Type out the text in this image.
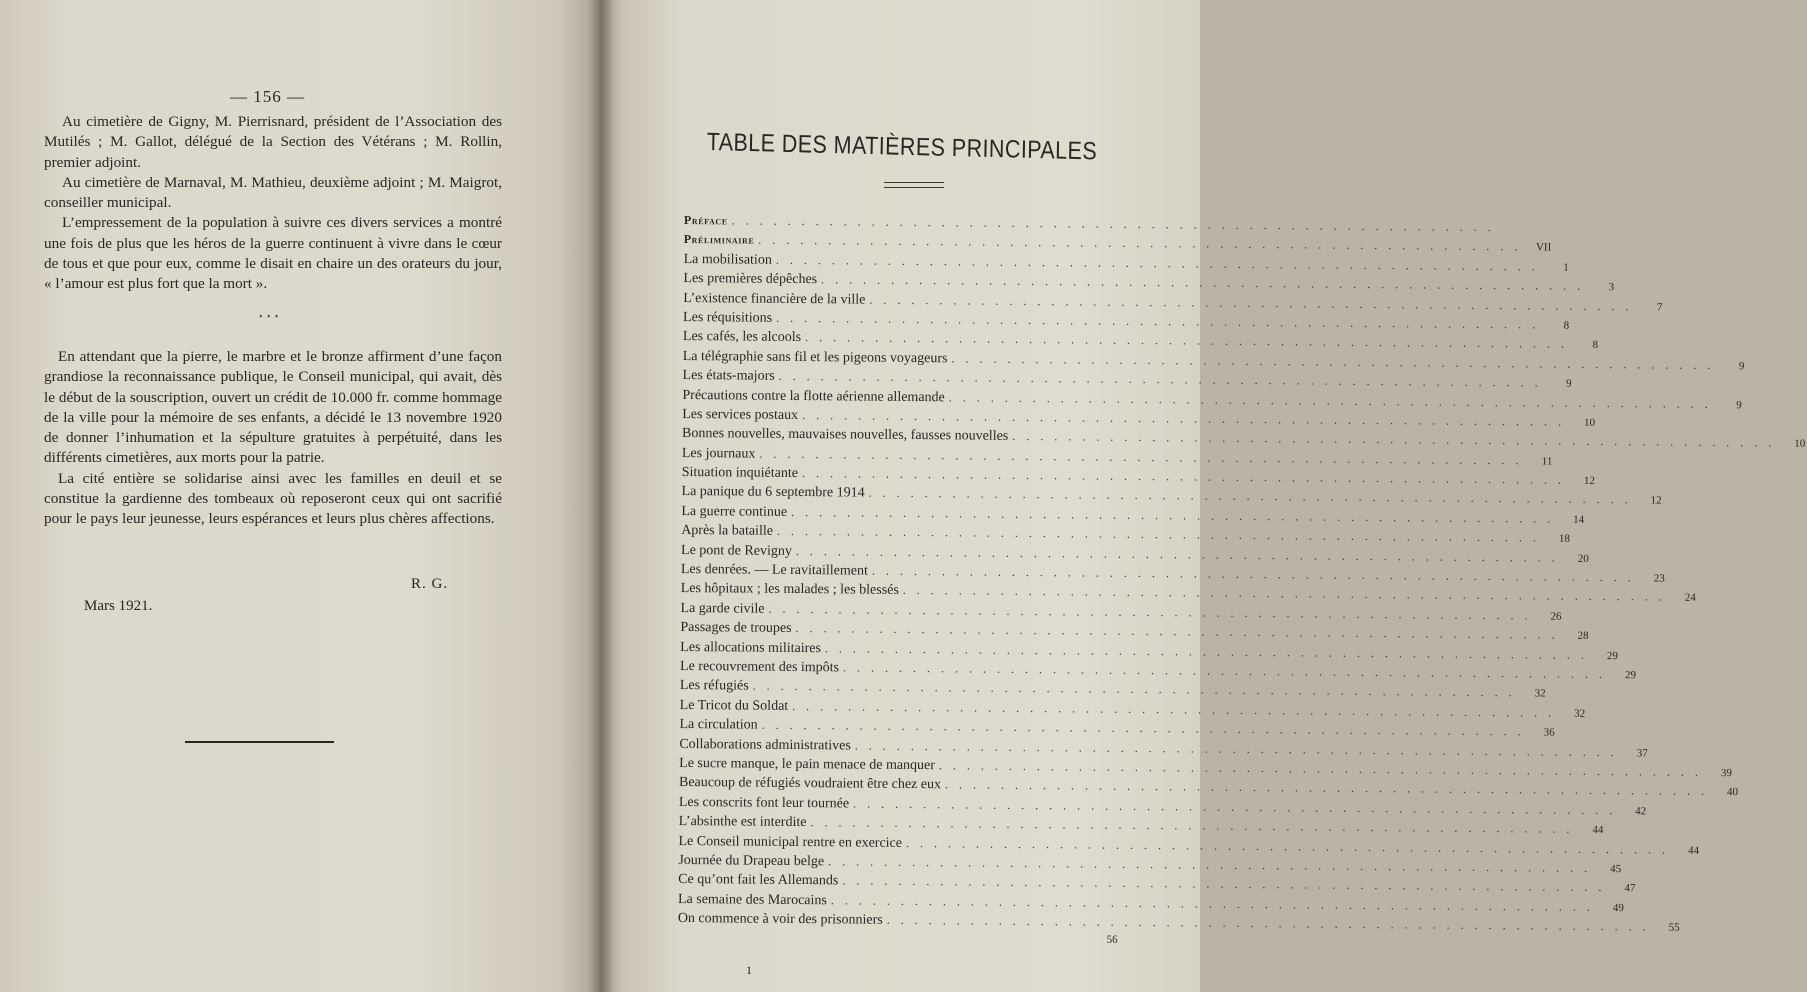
— 156 —

Au cimetière de Gigny, M. Pierrisnard, président de l’Association des Mutilés ; M. Gallot, délégué de la Section des Vétérans ; M. Rollin, premier adjoint.

Au cimetière de Marnaval, M. Mathieu, deuxième adjoint ; M. Maigrot, conseiller municipal.

L’empressement de la population à suivre ces divers services a montré une fois de plus que les héros de la guerre continuent à vivre dans le cœur de tous et que pour eux, comme le disait en chaire un des orateurs du jour, « l’amour est plus fort que la mort ».

⋆ ⋆ ⋆

En attendant que la pierre, le marbre et le bronze affirment d’une façon grandiose la reconnaissance publique, le Conseil municipal, qui avait, dès le début de la souscription, ouvert un crédit de 10.000 fr. comme hommage de la ville pour la mémoire de ses enfants, a décidé le 13 novembre 1920 de donner l’inhumation et la sépulture gratuites à perpétuité, dans les différents cimetières, aux morts pour la patrie.

La cité entière se solidarise ainsi avec les familles en deuil et se constitue la gardienne des tombeaux où reposeront ceux qui ont sacrifié pour le pays leur jeunesse, leurs espérances et leurs plus chères affections.

R. G.
Mars 1921.
TABLE DES MATIÈRES PRINCIPALES
Préface . . . . . . . . . . . . . . . . . . . . . . . . . . . . . . . . . . . . . . . . . . . . . . . . . . . . . . .
Préliminaire . . . . . . . . . . . . . . . . . . . . . . . . . . . . . . . . . . . . . . . . . . . . . . . . . . . . . . .	VII
La mobilisation . . . . . . . . . . . . . . . . . . . . . . . . . . . . . . . . . . . . . . . . . . . . . . . . . . . . . . .	1
Les premières dépêches . . . . . . . . . . . . . . . . . . . . . . . . . . . . . . . . . . . . . . . . . . . . . . . . . . . . . . .	3
L’existence financière de la ville . . . . . . . . . . . . . . . . . . . . . . . . . . . . . . . . . . . . . . . . . . . . . . . . . . . . . . .	7
Les réquisitions . . . . . . . . . . . . . . . . . . . . . . . . . . . . . . . . . . . . . . . . . . . . . . . . . . . . . . .	8
Les cafés, les alcools . . . . . . . . . . . . . . . . . . . . . . . . . . . . . . . . . . . . . . . . . . . . . . . . . . . . . . .	8
La télégraphie sans fil et les pigeons voyageurs . . . . . . . . . . . . . . . . . . . . . . . . . . . . . . . . . . . . . . . . . . . . . . . . . . . . . . .	9
Les états-majors . . . . . . . . . . . . . . . . . . . . . . . . . . . . . . . . . . . . . . . . . . . . . . . . . . . . . . .	9
Précautions contre la flotte aérienne allemande . . . . . . . . . . . . . . . . . . . . . . . . . . . . . . . . . . . . . . . . . . . . . . . . . . . . . . .	9
Les services postaux . . . . . . . . . . . . . . . . . . . . . . . . . . . . . . . . . . . . . . . . . . . . . . . . . . . . . . .	10
Bonnes nouvelles, mauvaises nouvelles, fausses nouvelles . . . . . . . . . . . . . . . . . . . . . . . . . . . . . . . . . . . . . . . . . . . . . . . . . . . . . . .	10
Les journaux . . . . . . . . . . . . . . . . . . . . . . . . . . . . . . . . . . . . . . . . . . . . . . . . . . . . . . .	11
Situation inquiétante . . . . . . . . . . . . . . . . . . . . . . . . . . . . . . . . . . . . . . . . . . . . . . . . . . . . . . .	12
La panique du 6 septembre 1914 . . . . . . . . . . . . . . . . . . . . . . . . . . . . . . . . . . . . . . . . . . . . . . . . . . . . . . .	12
La guerre continue . . . . . . . . . . . . . . . . . . . . . . . . . . . . . . . . . . . . . . . . . . . . . . . . . . . . . . .	14
Après la bataille . . . . . . . . . . . . . . . . . . . . . . . . . . . . . . . . . . . . . . . . . . . . . . . . . . . . . . .	18
Le pont de Revigny . . . . . . . . . . . . . . . . . . . . . . . . . . . . . . . . . . . . . . . . . . . . . . . . . . . . . . .	20
Les denrées. — Le ravitaillement . . . . . . . . . . . . . . . . . . . . . . . . . . . . . . . . . . . . . . . . . . . . . . . . . . . . . . .	23
Les hôpitaux ; les malades ; les blessés . . . . . . . . . . . . . . . . . . . . . . . . . . . . . . . . . . . . . . . . . . . . . . . . . . . . . . .	24
La garde civile . . . . . . . . . . . . . . . . . . . . . . . . . . . . . . . . . . . . . . . . . . . . . . . . . . . . . . .	26
Passages de troupes . . . . . . . . . . . . . . . . . . . . . . . . . . . . . . . . . . . . . . . . . . . . . . . . . . . . . . .	28
Les allocations militaires . . . . . . . . . . . . . . . . . . . . . . . . . . . . . . . . . . . . . . . . . . . . . . . . . . . . . . .	29
Le recouvrement des impôts . . . . . . . . . . . . . . . . . . . . . . . . . . . . . . . . . . . . . . . . . . . . . . . . . . . . . . .	29
Les réfugiés . . . . . . . . . . . . . . . . . . . . . . . . . . . . . . . . . . . . . . . . . . . . . . . . . . . . . . .	32
Le Tricot du Soldat . . . . . . . . . . . . . . . . . . . . . . . . . . . . . . . . . . . . . . . . . . . . . . . . . . . . . . .	32
La circulation . . . . . . . . . . . . . . . . . . . . . . . . . . . . . . . . . . . . . . . . . . . . . . . . . . . . . . .	36
Collaborations administratives . . . . . . . . . . . . . . . . . . . . . . . . . . . . . . . . . . . . . . . . . . . . . . . . . . . . . . .	37
Le sucre manque, le pain menace de manquer . . . . . . . . . . . . . . . . . . . . . . . . . . . . . . . . . . . . . . . . . . . . . . . . . . . . . . .	39
Beaucoup de réfugiés voudraient être chez eux . . . . . . . . . . . . . . . . . . . . . . . . . . . . . . . . . . . . . . . . . . . . . . . . . . . . . . .	40
Les conscrits font leur tournée . . . . . . . . . . . . . . . . . . . . . . . . . . . . . . . . . . . . . . . . . . . . . . . . . . . . . . .	42
L’absinthe est interdite . . . . . . . . . . . . . . . . . . . . . . . . . . . . . . . . . . . . . . . . . . . . . . . . . . . . . . .	44
Le Conseil municipal rentre en exercice . . . . . . . . . . . . . . . . . . . . . . . . . . . . . . . . . . . . . . . . . . . . . . . . . . . . . . .	44
Journée du Drapeau belge . . . . . . . . . . . . . . . . . . . . . . . . . . . . . . . . . . . . . . . . . . . . . . . . . . . . . . .	45
Ce qu’ont fait les Allemands . . . . . . . . . . . . . . . . . . . . . . . . . . . . . . . . . . . . . . . . . . . . . . . . . . . . . . .	47
La semaine des Marocains . . . . . . . . . . . . . . . . . . . . . . . . . . . . . . . . . . . . . . . . . . . . . . . . . . . . . . .	49
On commence à voir des prisonniers . . . . . . . . . . . . . . . . . . . . . . . . . . . . . . . . . . . . . . . . . . . . . . . . . . . . . . .	55
56
1
